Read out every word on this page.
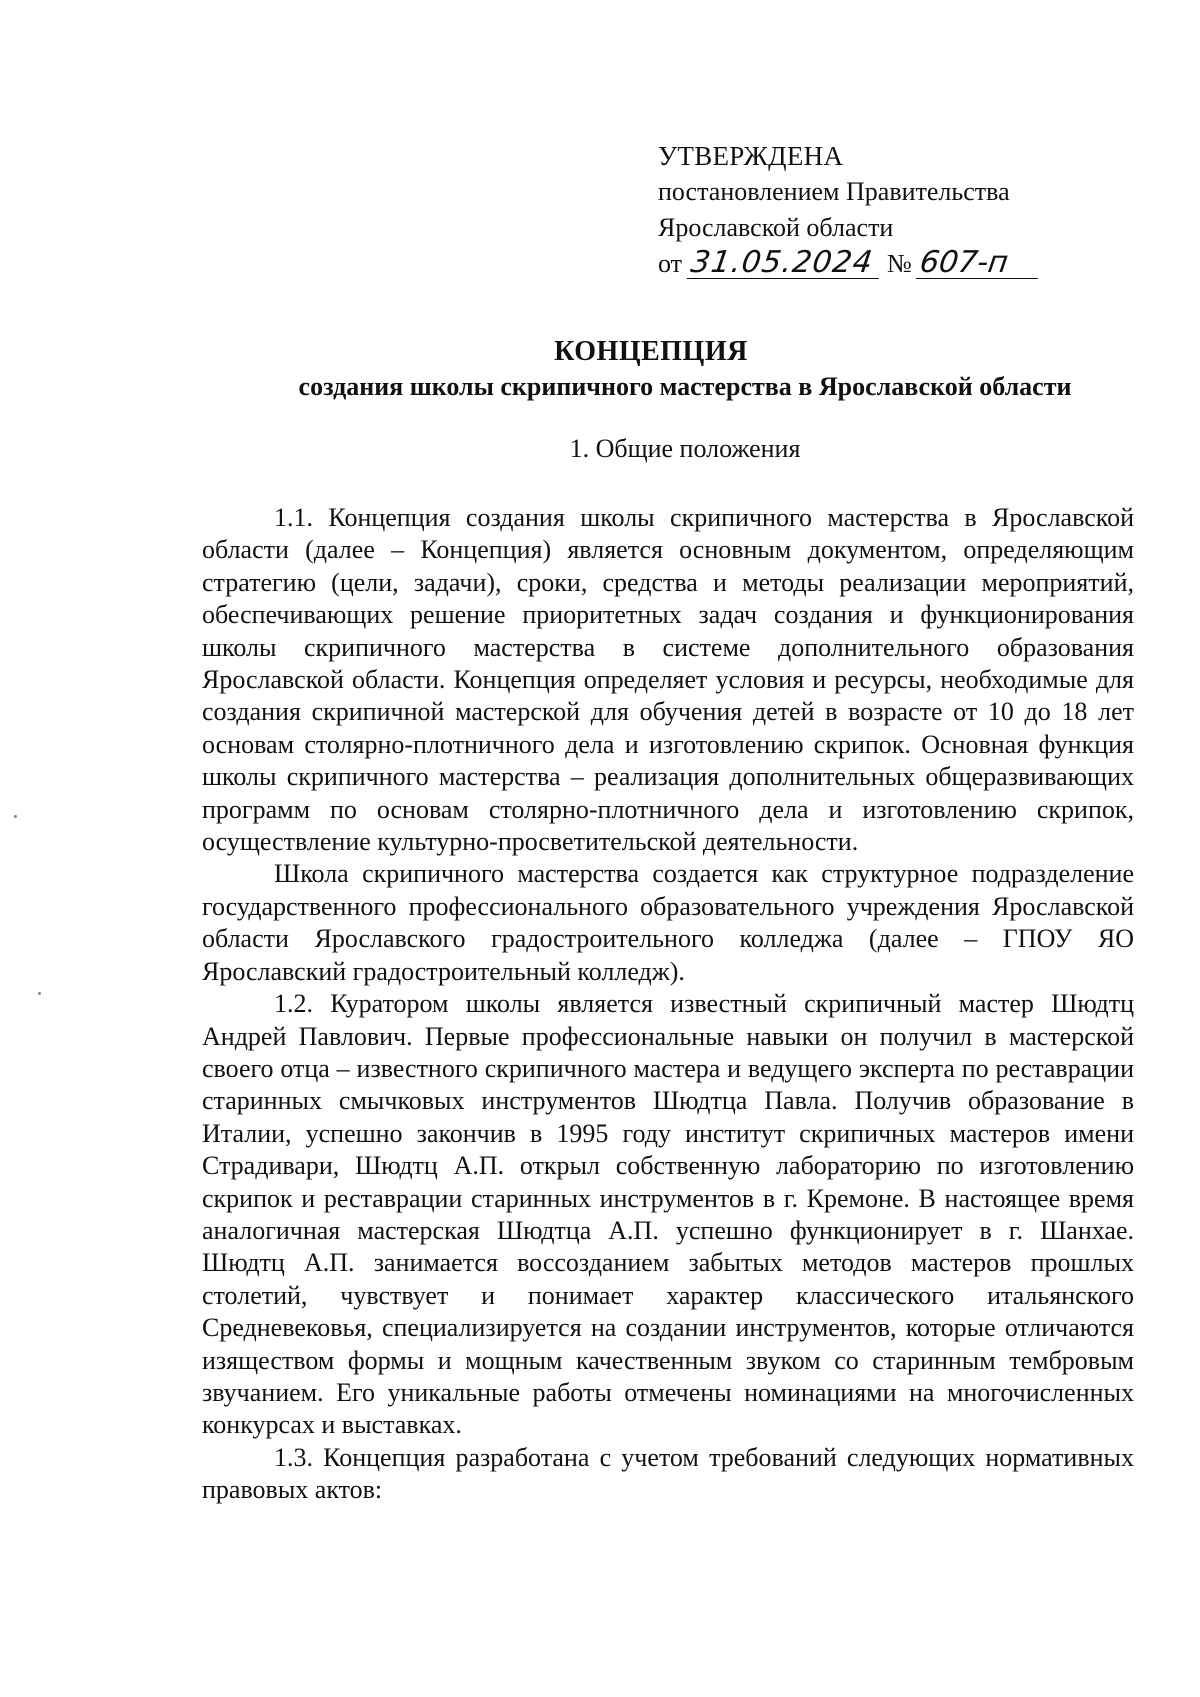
УТВЕРЖДЕНА
постановлением Правительства
Ярославской области
от 31.05.2024 № 607-п
КОНЦЕПЦИЯ
создания школы скрипичного мастерства в Ярославской области
1. Общие положения

1.1. Концепция создания школы скрипичного мастерства в Ярославской области (далее – Концепция) является основным документом, определяющим стратегию (цели, задачи), сроки, средства и методы реализации мероприятий, обеспечивающих решение приоритетных задач создания и функционирования школы скрипичного мастерства в системе дополнительного образования Ярославской области. Концепция определяет условия и ресурсы, необходимые для создания скрипичной мастерской для обучения детей в возрасте от 10 до 18 лет основам столярно-плотничного дела и изготовлению скрипок. Основная функция школы скрипичного мастерства – реализация дополнительных общеразвивающих программ по основам столярно-плотничного дела и изготовлению скрипок, осуществление культурно-просветительской деятельности.

Школа скрипичного мастерства создается как структурное подразделение государственного профессионального образовательного учреждения Ярославской области Ярославского градостроительного колледжа (далее – ГПОУ ЯО Ярославский градостроительный колледж).

1.2. Куратором школы является известный скрипичный мастер Шюдтц Андрей Павлович. Первые профессиональные навыки он получил в мастерской своего отца – известного скрипичного мастера и ведущего эксперта по реставрации старинных смычковых инструментов Шюдтца Павла. Получив образование в Италии, успешно закончив в 1995 году институт скрипичных мастеров имени Страдивари, Шюдтц А.П. открыл собственную лабораторию по изготовлению скрипок и реставрации старинных инструментов в г. Кремоне. В настоящее время аналогичная мастерская Шюдтца А.П. успешно функционирует в г. Шанхае. Шюдтц А.П. занимается воссозданием забытых методов мастеров прошлых столетий, чувствует и понимает характер классического итальянского Средневековья, специализируется на создании инструментов, которые отличаются изяществом формы и мощным качественным звуком со старинным тембровым звучанием. Его уникальные работы отмечены номинациями на многочисленных конкурсах и выставках.

1.3. Концепция разработана с учетом требований следующих нормативных правовых актов:
